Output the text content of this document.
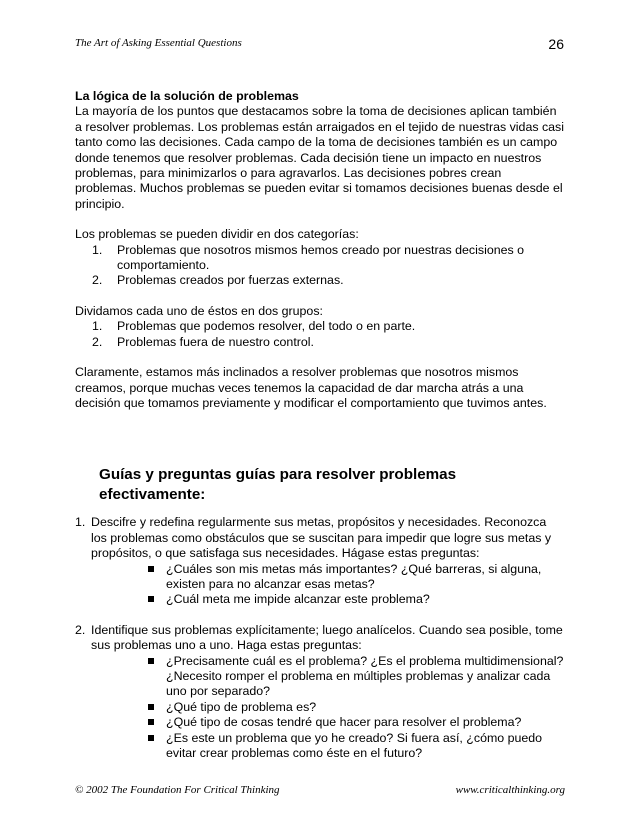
The Art of Asking Essential Questions	26

La lógica de la solución de problemas

La mayoría de los puntos que destacamos sobre la toma de decisiones aplican también a resolver problemas. Los problemas están arraigados en el tejido de nuestras vidas casi tanto como las decisiones. Cada campo de la toma de decisiones también es un campo donde tenemos que resolver problemas. Cada decisión tiene un impacto en nuestros problemas, para minimizarlos o para agravarlos. Las decisiones pobres crean problemas. Muchos problemas se pueden evitar si tomamos decisiones buenas desde el principio.

Los problemas se pueden dividir en dos categorías:

1. Problemas que nosotros mismos hemos creado por nuestras decisiones o comportamiento.
2. Problemas creados por fuerzas externas.

Dividamos cada uno de éstos en dos grupos:

1. Problemas que podemos resolver, del todo o en parte.
2. Problemas fuera de nuestro control.

Claramente, estamos más inclinados a resolver problemas que nosotros mismos creamos, porque muchas veces tenemos la capacidad de dar marcha atrás a una decisión que tomamos previamente y modificar el comportamiento que tuvimos antes.

Guías y preguntas guías para resolver problemas efectivamente:
1. Descifre y redefina regularmente sus metas, propósitos y necesidades. Reconozca los problemas como obstáculos que se suscitan para impedir que logre sus metas y propósitos, o que satisfaga sus necesidades. Hágase estas preguntas:
¿Cuáles son mis metas más importantes? ¿Qué barreras, si alguna, existen para no alcanzar esas metas?
¿Cuál meta me impide alcanzar este problema?
2. Identifique sus problemas explícitamente; luego analícelos. Cuando sea posible, tome sus problemas uno a uno. Haga estas preguntas:
¿Precisamente cuál es el problema? ¿Es el problema multidimensional? ¿Necesito romper el problema en múltiples problemas y analizar cada uno por separado?
¿Qué tipo de problema es?
¿Qué tipo de cosas tendré que hacer para resolver el problema?
¿Es este un problema que yo he creado? Si fuera así, ¿cómo puedo evitar crear problemas como éste en el futuro?
© 2002 The Foundation For Critical Thinking	www.criticalthinking.org
